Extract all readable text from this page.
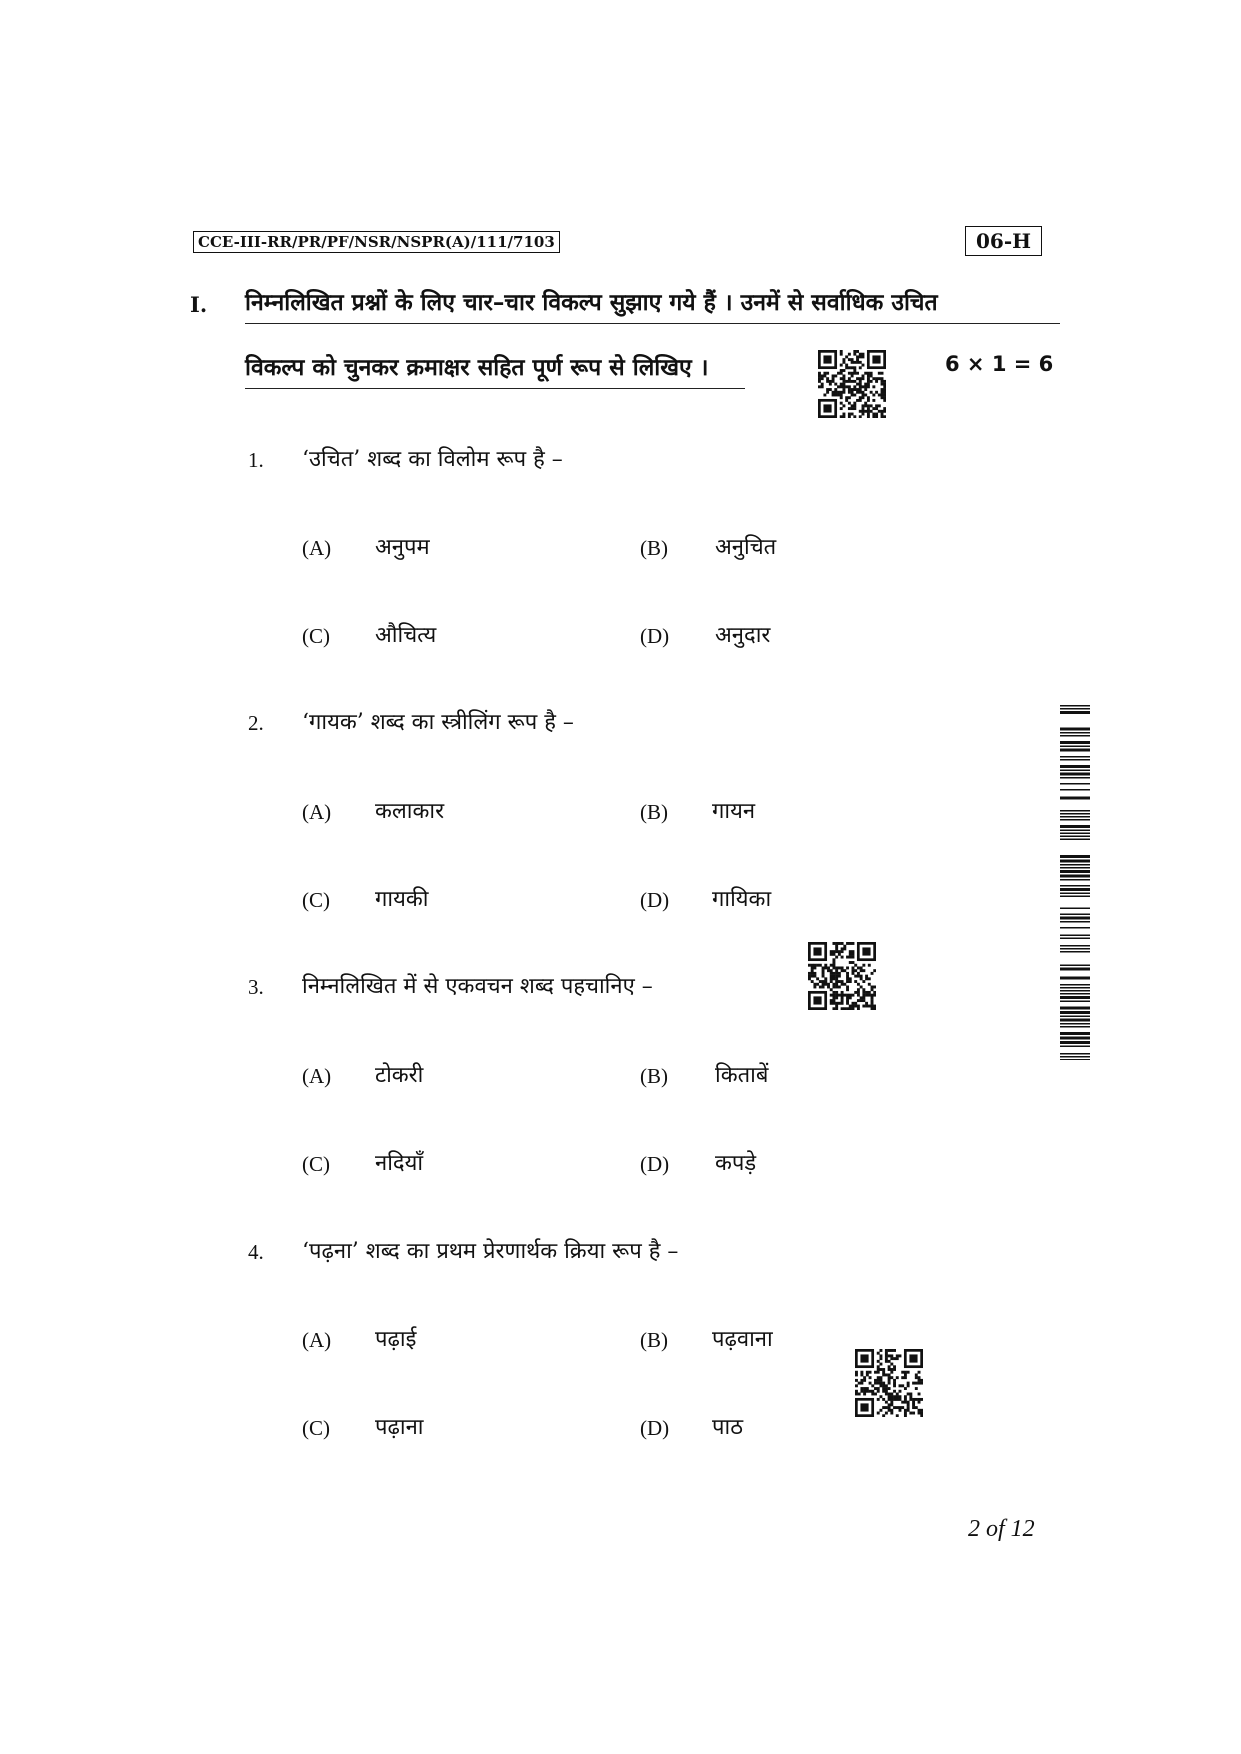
CCE-III-RR/PR/PF/NSR/NSPR(A)/111/7103	06-H
I. निम्नलिखित प्रश्नों के लिए चार–चार विकल्प सुझाए गये हैं । उनमें से सर्वाधिक उचित
विकल्प को चुनकर क्रमाक्षर सहित पूर्ण रूप से लिखिए ।	6 × 1 = 6
1. ‘उचित’ शब्द का विलोम रूप है –
(A) अनुपम	(B) अनुचित
(C) औचित्य	(D) अनुदार
2. ‘गायक’ शब्द का स्त्रीलिंग रूप है –
(A) कलाकार	(B) गायन
(C) गायकी	(D) गायिका
3. निम्नलिखित में से एकवचन शब्द पहचानिए –
(A) टोकरी	(B) किताबें
(C) नदियाँ	(D) कपड़े
4. ‘पढ़ना’ शब्द का प्रथम प्रेरणार्थक क्रिया रूप है –
(A) पढ़ाई	(B) पढ़वाना
(C) पढ़ाना	(D) पाठ
2 of 12
